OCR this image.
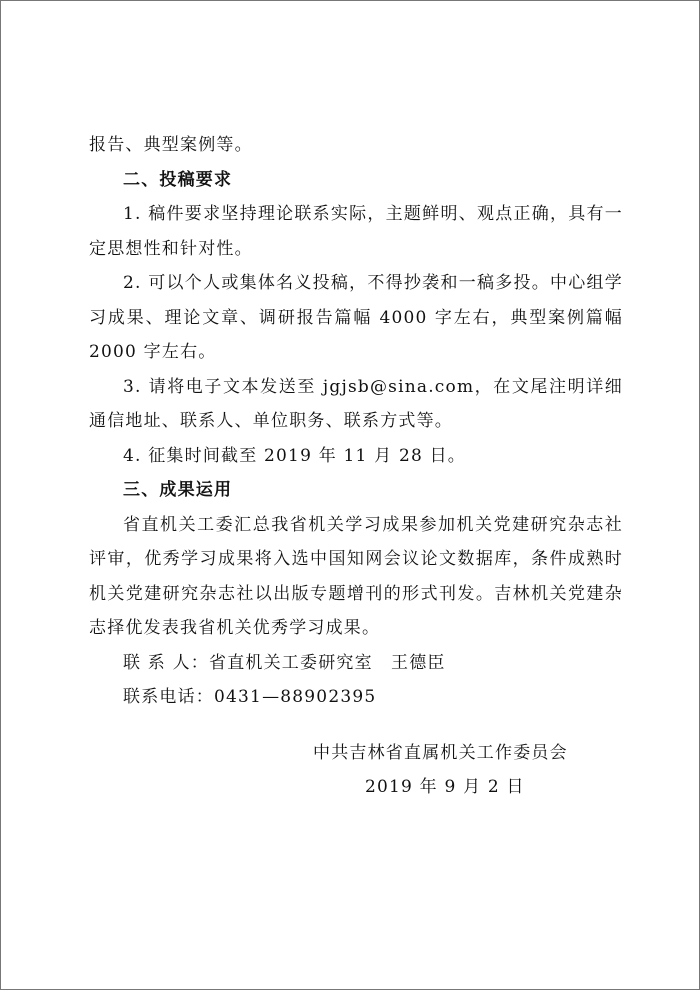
报告、典型案例等。

二、投稿要求

1. 稿件要求坚持理论联系实际，主题鲜明、观点正确，具有一定思想性和针对性。

2. 可以个人或集体名义投稿，不得抄袭和一稿多投。中心组学习成果、理论文章、调研报告篇幅 4000 字左右，典型案例篇幅 2000 字左右。

3. 请将电子文本发送至 jgjsb@sina.com，在文尾注明详细通信地址、联系人、单位职务、联系方式等。

4. 征集时间截至 2019 年 11 月 28 日。

三、成果运用

省直机关工委汇总我省机关学习成果参加机关党建研究杂志社评审，优秀学习成果将入选中国知网会议论文数据库，条件成熟时机关党建研究杂志社以出版专题增刊的形式刊发。吉林机关党建杂志择优发表我省机关优秀学习成果。

联 系 人：省直机关工委研究室　王德臣

联系电话：0431—88902395

中共吉林省直属机关工作委员会
2019 年 9 月 2 日
